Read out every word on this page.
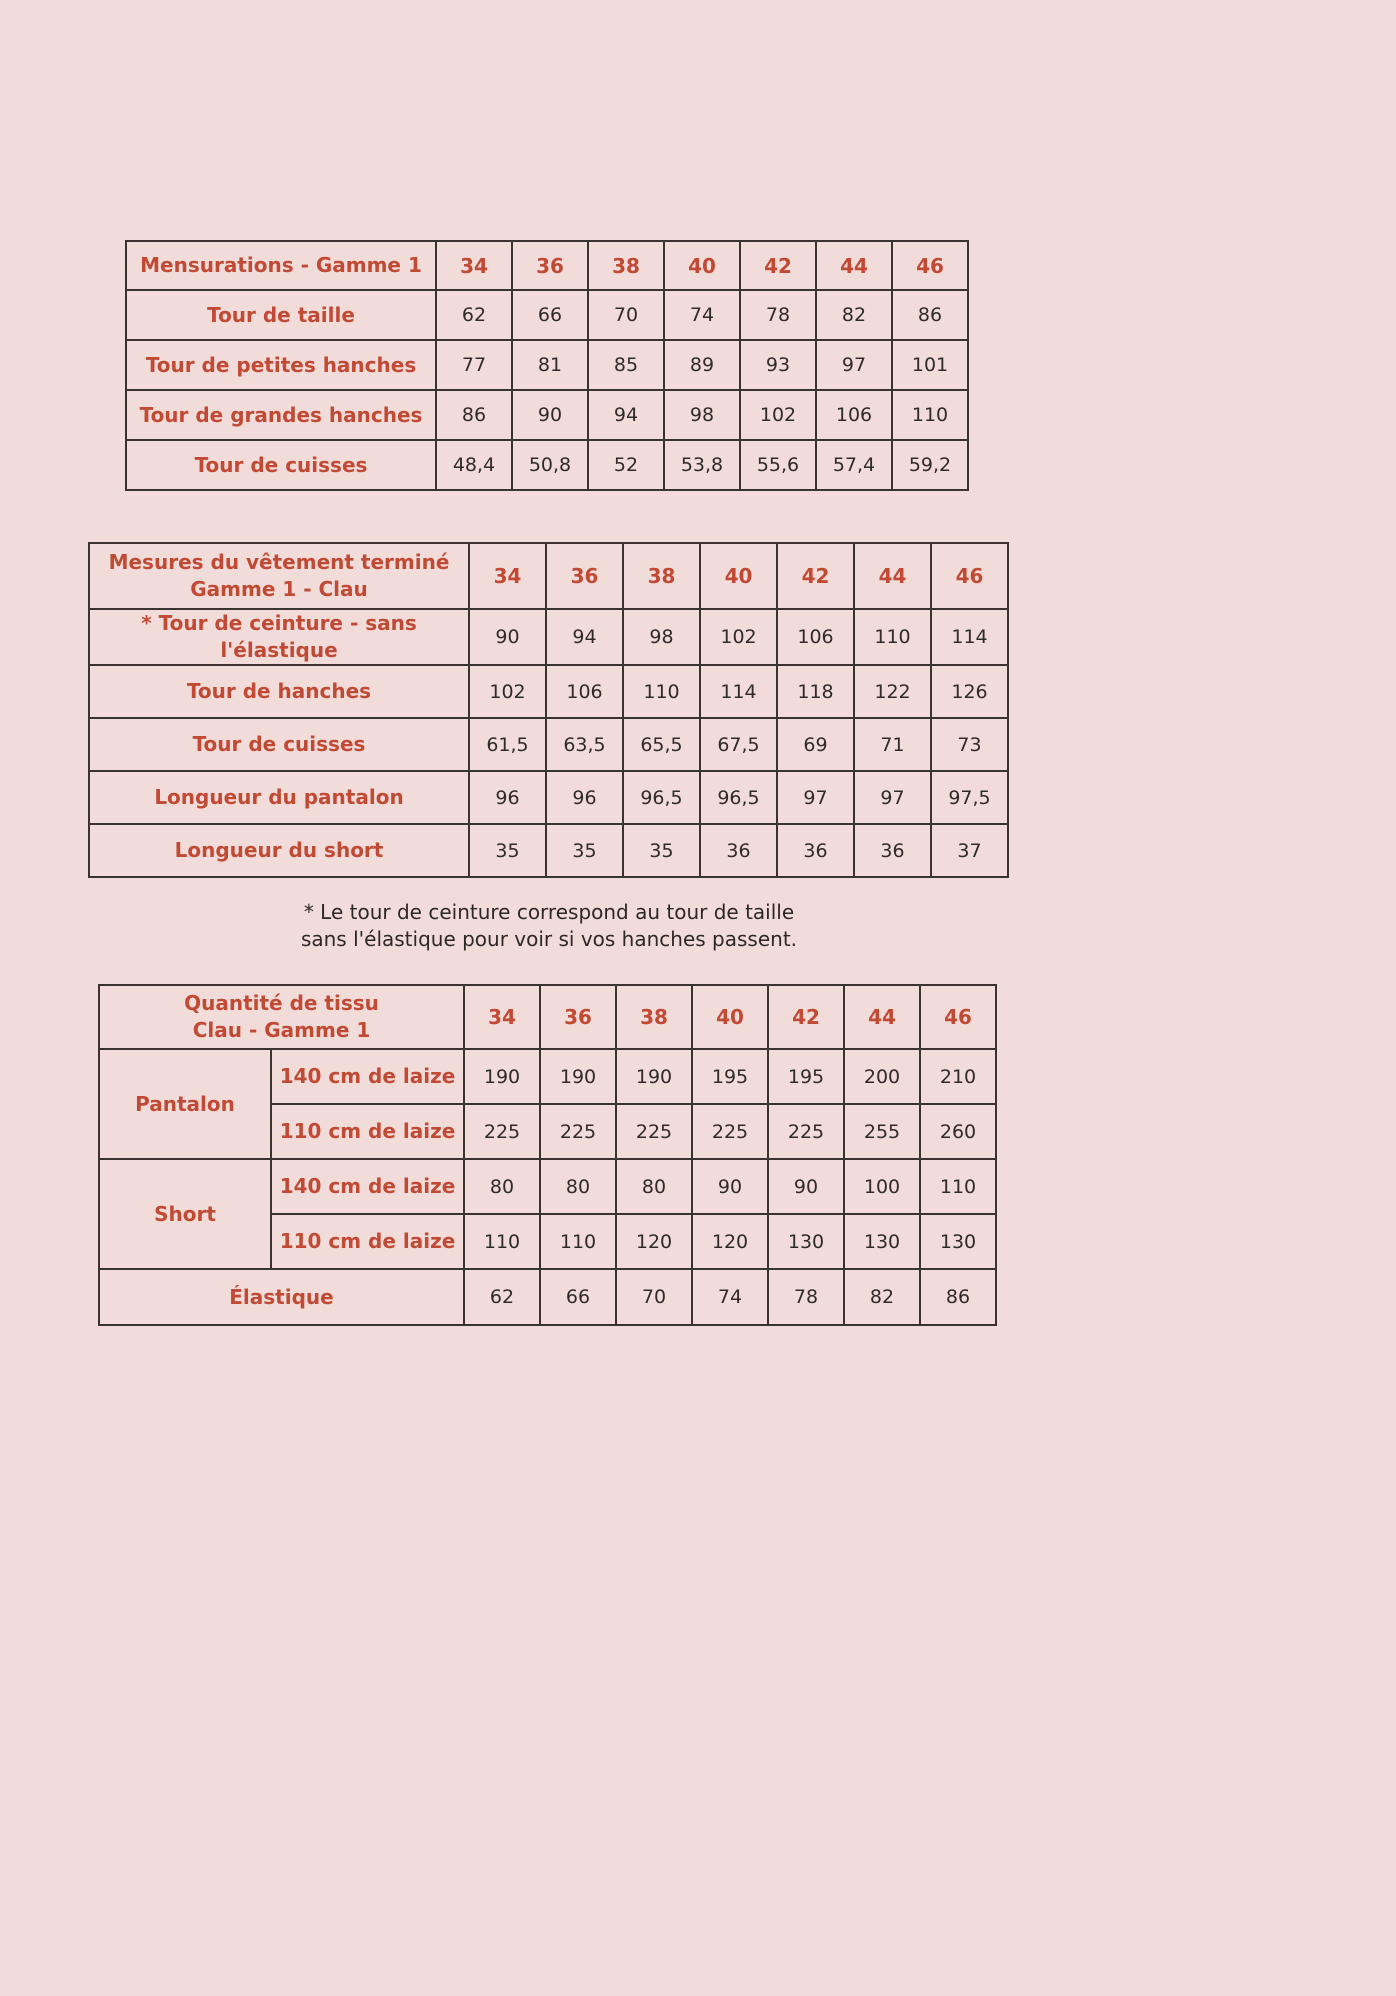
Mensurations - Gamme 1	34	36	38	40	42	44	46
Tour de taille	62	66	70	74	78	82	86
Tour de petites hanches	77	81	85	89	93	97	101
Tour de grandes hanches	86	90	94	98	102	106	110
Tour de cuisses	48,4	50,8	52	53,8	55,6	57,4	59,2
Mesures du vêtement terminé
Gamme 1 - Clau	34	36	38	40	42	44	46
* Tour de ceinture - sans l'élastique	90	94	98	102	106	110	114
Tour de hanches	102	106	110	114	118	122	126
Tour de cuisses	61,5	63,5	65,5	67,5	69	71	73
Longueur du pantalon	96	96	96,5	96,5	97	97	97,5
Longueur du short	35	35	35	36	36	36	37
* Le tour de ceinture correspond au tour de taille
sans l'élastique pour voir si vos hanches passent.
Quantité de tissu
Clau - Gamme 1		34	36	38	40	42	44	46
Pantalon	140 cm de laize	190	190	190	195	195	200	210
	110 cm de laize	225	225	225	225	225	255	260
Short	140 cm de laize	80	80	80	90	90	100	110
	110 cm de laize	110	110	120	120	130	130	130
Élastique		62	66	70	74	78	82	86
